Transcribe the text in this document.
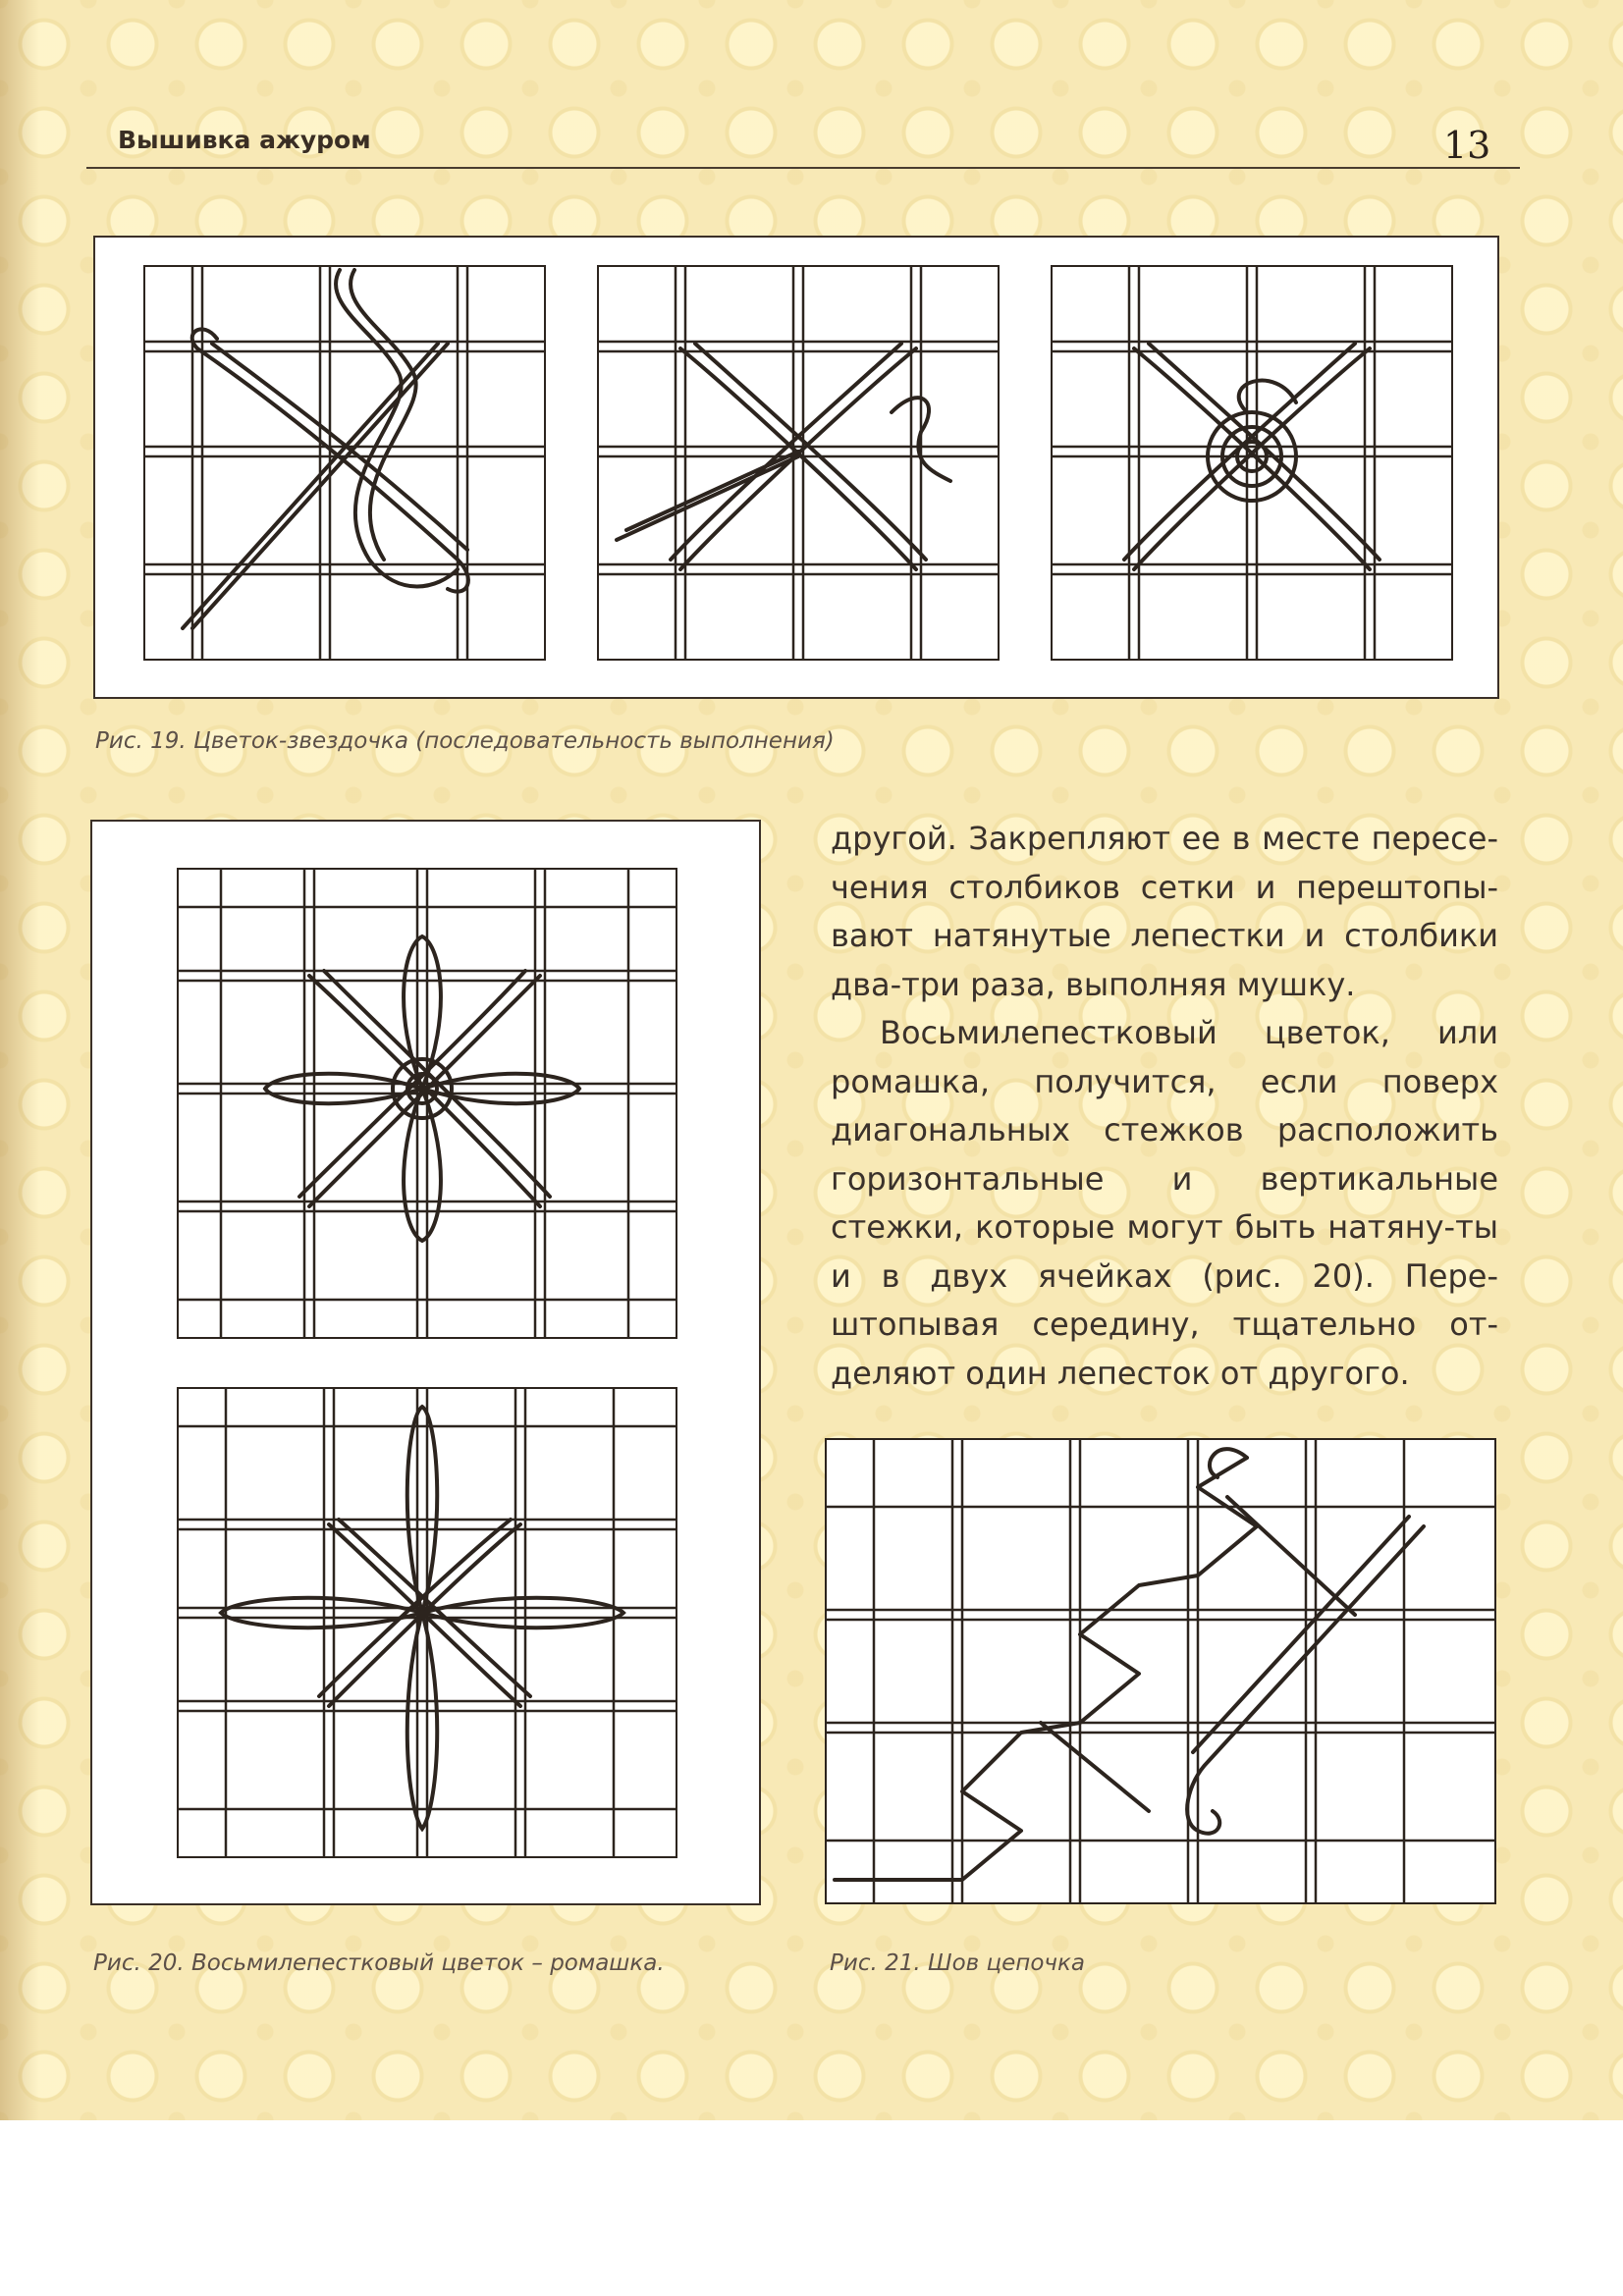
Вышивка ажуром	13
Рис. 19. Цветок-звездочка (последовательность выполнения)
Рис. 20. Восьмилепестковый цветок – ромашка.

другой. Закрепляют ее в месте пересе-чения столбиков сетки и перештопы-вают натянутые лепестки и столбики два-три раза, выполняя мушку.

Восьмилепестковый цветок, или ромашка, получится, если поверх диагональных стежков расположить горизонтальные и вертикальные стежки, которые могут быть натяну-ты и в двух ячейках (рис. 20). Пере-штопывая середину, тщательно от-деляют один лепесток от другого.

Рис. 21. Шов цепочка
